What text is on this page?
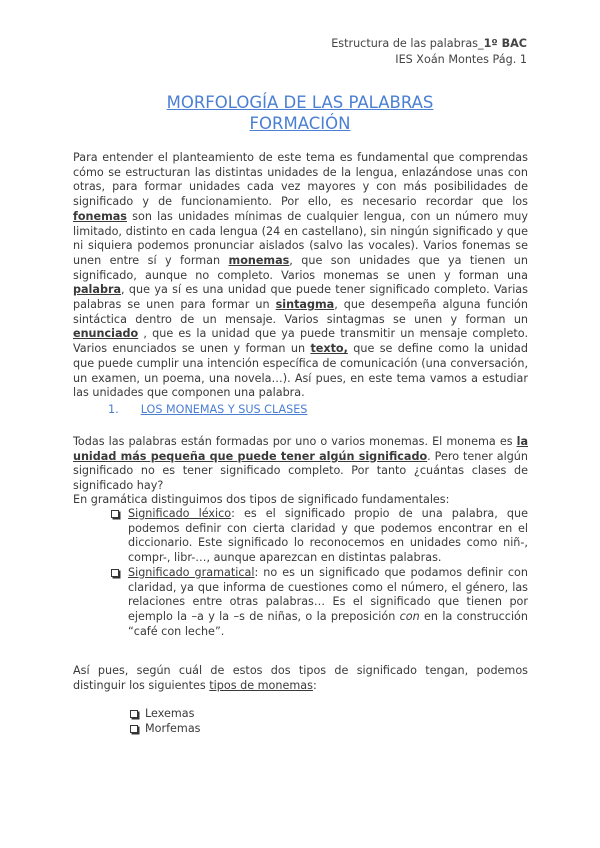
Estructura de las palabras_1º BAC
IES Xoán Montes Pág. 1
MORFOLOGÍA DE LAS PALABRAS
FORMACIÓN
Para entender el planteamiento de este tema es fundamental que comprendas cómo se estructuran las distintas unidades de la lengua, enlazándose unas con otras, para formar unidades cada vez mayores y con más posibilidades de significado y de funcionamiento. Por ello, es necesario recordar que los fonemas son las unidades mínimas de cualquier lengua, con un número muy limitado, distinto en cada lengua (24 en castellano), sin ningún significado y que ni siquiera podemos pronunciar aislados (salvo las vocales). Varios fonemas se unen entre sí y forman monemas, que son unidades que ya tienen un significado, aunque no completo. Varios monemas se unen y forman una palabra, que ya sí es una unidad que puede tener significado completo. Varias palabras se unen para formar un sintagma, que desempeña alguna función sintáctica dentro de un mensaje. Varios sintagmas se unen y forman un enunciado , que es la unidad que ya puede transmitir un mensaje completo. Varios enunciados se unen y forman un texto, que se define como la unidad que puede cumplir una intención específica de comunicación (una conversación, un examen, un poema, una novela…). Así pues, en este tema vamos a estudiar las unidades que componen una palabra.
1. LOS MONEMAS Y SUS CLASES
Todas las palabras están formadas por uno o varios monemas. El monema es la unidad más pequeña que puede tener algún significado. Pero tener algún significado no es tener significado completo. Por tanto ¿cuántas clases de significado hay?
En gramática distinguimos dos tipos de significado fundamentales:
Significado léxico: es el significado propio de una palabra, que podemos definir con cierta claridad y que podemos encontrar en el diccionario. Este significado lo reconocemos en unidades como niñ-, compr-, libr-…, aunque aparezcan en distintas palabras.
Significado gramatical: no es un significado que podamos definir con claridad, ya que informa de cuestiones como el número, el género, las relaciones entre otras palabras… Es el significado que tienen por ejemplo la –a y la –s de niñas, o la preposición con en la construcción “café con leche”.
Así pues, según cuál de estos dos tipos de significado tengan, podemos distinguir los siguientes tipos de monemas:
Lexemas
Morfemas
